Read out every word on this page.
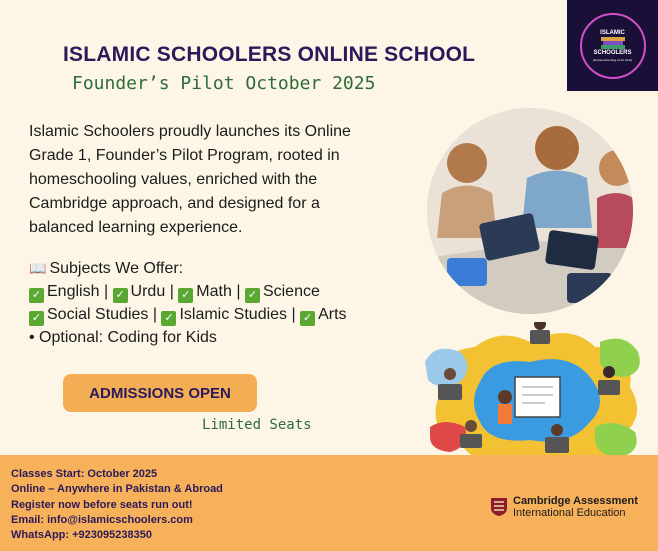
ISLAMIC SCHOOLERS ONLINE SCHOOL
Founder’s Pilot October 2025
ISLAMIC
SCHOOLERS
(Homeschooling at its best)
Islamic Schoolers proudly launches its Online Grade 1, Founder’s Pilot Program, rooted in homeschooling values, enriched with the Cambridge approach, and designed for a balanced learning experience.
📖 Subjects We Offer:
✓ English | ✓ Urdu | ✓ Math | ✓ Science
✓ Social Studies | ✓ Islamic Studies | ✓ Arts
• Optional: Coding for Kids
ADMISSIONS OPEN
Limited Seats
Classes Start: October 2025
Online – Anywhere in Pakistan & Abroad
Register now before seats run out!
Email: info@islamicschoolers.com
WhatsApp: +923095238350
Cambridge Assessment
International Education
